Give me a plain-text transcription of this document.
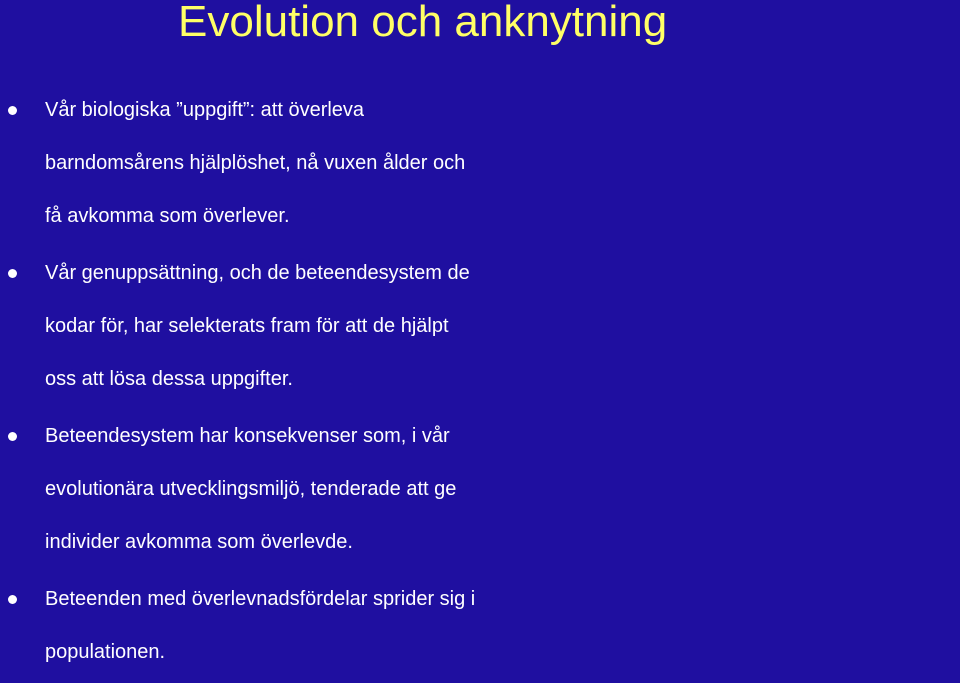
Evolution och anknytning
Vår biologiska ”uppgift”: att överleva
barndomsårens hjälplöshet, nå vuxen ålder och
få avkomma som överlever.
Vår genuppsättning, och de beteendesystem de
kodar för, har selekterats fram för att de hjälpt
oss att lösa dessa uppgifter.
Beteendesystem har konsekvenser som, i vår
evolutionära utvecklingsmiljö, tenderade att ge
individer avkomma som överlevde.
Beteenden med överlevnadsfördelar sprider sig i
populationen.
